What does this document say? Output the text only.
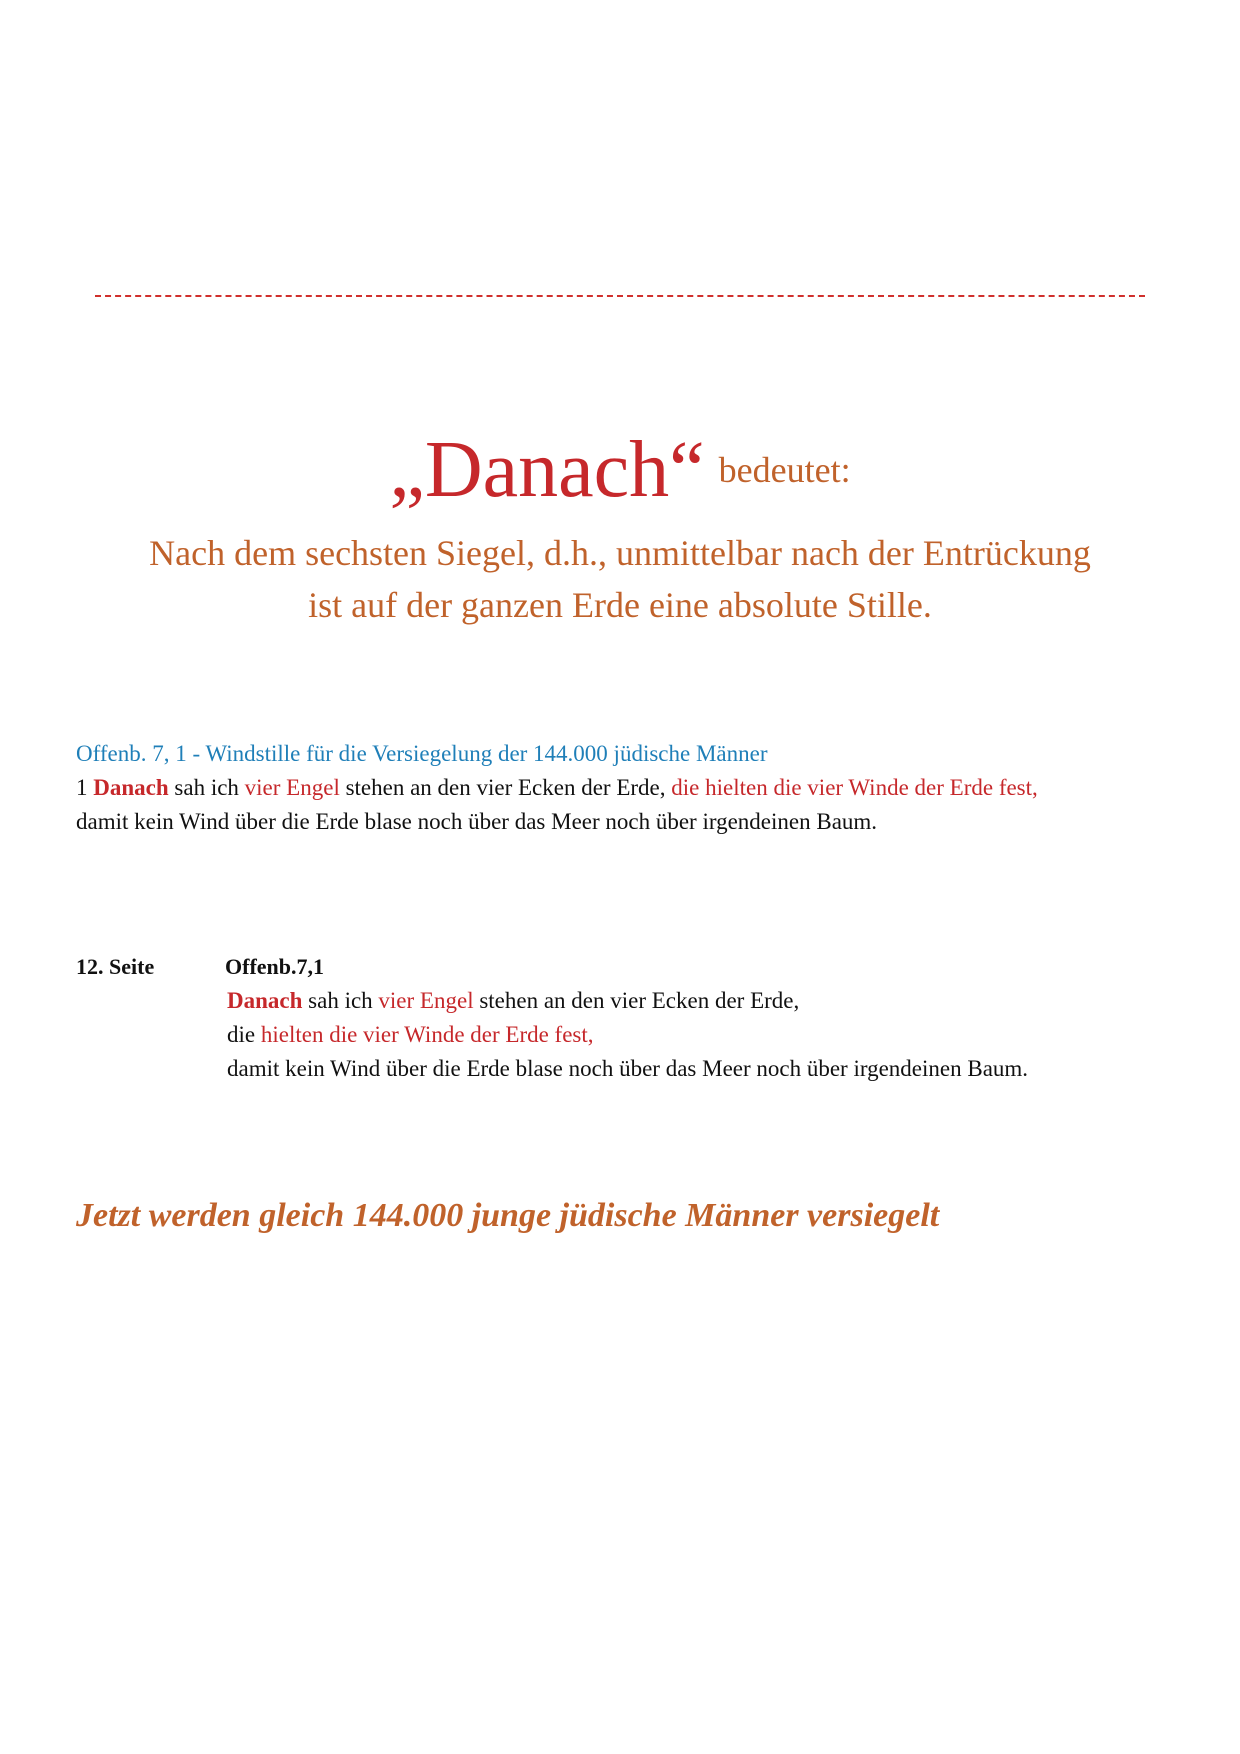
„Danach“ bedeutet:
Nach dem sechsten Siegel, d.h., unmittelbar nach der Entrückung
ist auf der ganzen Erde eine absolute Stille.
Offenb. 7, 1 - Windstille für die Versiegelung der 144.000 jüdische Männer
1 Danach sah ich vier Engel stehen an den vier Ecken der Erde, die hielten die vier Winde der Erde fest,
damit kein Wind über die Erde blase noch über das Meer noch über irgendeinen Baum.
12. Seite	Offenb.7,1
Danach sah ich vier Engel stehen an den vier Ecken der Erde,
die hielten die vier Winde der Erde fest,
damit kein Wind über die Erde blase noch über das Meer noch über irgendeinen Baum.
Jetzt werden gleich 144.000 junge jüdische Männer versiegelt
